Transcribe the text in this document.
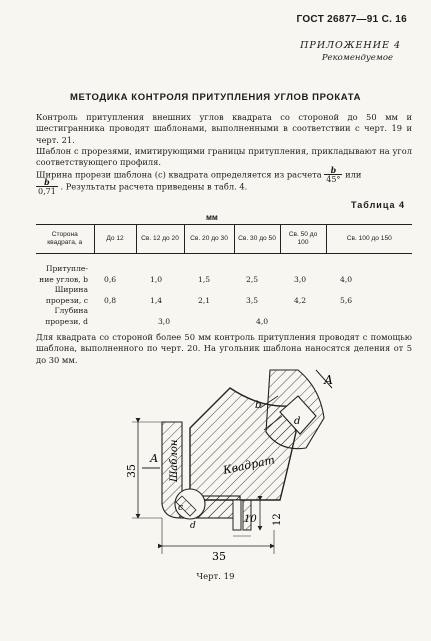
ГОСТ 26877—91 С. 16
ПРИЛОЖЕНИЕ 4
Рекомендуемое
МЕТОДИКА КОНТРОЛЯ ПРИТУПЛЕНИЯ УГЛОВ ПРОКАТА
Контроль притупления внешних углов квадрата со стороной до 50 мм и шестигранника проводят шаблонами, выполненными в соответствии с черт. 19 и черт. 21.
Шаблон с прорезями, имитирующими границы притупления, прикладывают на угол соответствующего профиля.
Ширина прорези шаблона (с) квадрата определяется из расчета $\frac{b}{45^\circ}$ или
$\frac{b}{0,71}$ . Результаты расчета приведены в табл. 4.
Таблица 4
мм
Сторона квадрата, а	До 12	Св. 12 до 20	Св. 20 до 30	Св. 30 до 50	Св. 50 до 100	Св. 100 до 150
Притупле-ние углов, b	0,6	1,0	1,5	2,5	3,0	4,0
Ширина прорези, с	0,8	1,4	2,1	3,5	4,2	5,6
Глубина прорези, d	3,0			4,0		
Для квадрата со стороной более 50 мм контроль притупления проводят с помощью шаблона, выполненного по черт. 20. На угольник шаблона наносятся деления от 5 до 30 мм.
А
А
Шаблон	Квадрат
35
35
10 12
b
c
d
d
Черт. 19
